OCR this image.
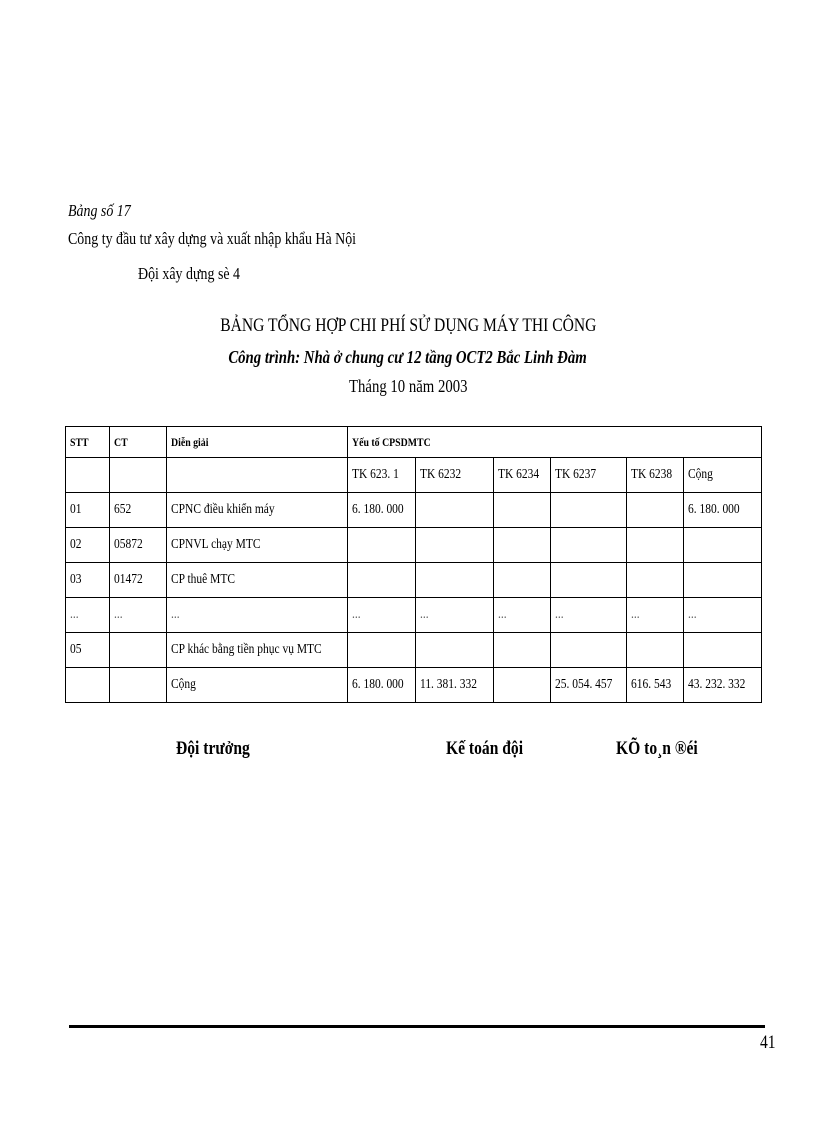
Bảng số 17
Công ty đầu tư xây dựng và xuất nhập khẩu Hà Nội
Đội xây dựng sè 4
BẢNG TỔNG HỢP CHI PHÍ SỬ DỤNG MÁY THI CÔNG
Công trình: Nhà ở chung cư 12 tầng OCT2 Bắc Linh Đàm
Tháng 10 năm 2003
STT	CT	Diễn giải	Yếu tố CPSDMTC					
			TK 623. 1	TK 6232	TK 6234	TK 6237	TK 6238	Cộng
01	652	CPNC điều khiển máy	6. 180. 000					6. 180. 000
02	05872	CPNVL chạy MTC						
03	01472	CP thuê MTC						
...	...	...	...	...	...	...	...	...
05		CP khác bằng tiền phục vụ MTC						
		Cộng	6. 180. 000	11. 381. 332		25. 054. 457	616. 543	43. 232. 332
Đội trưởng	Kế toán đội	KÕ to¸n ®éi
41
